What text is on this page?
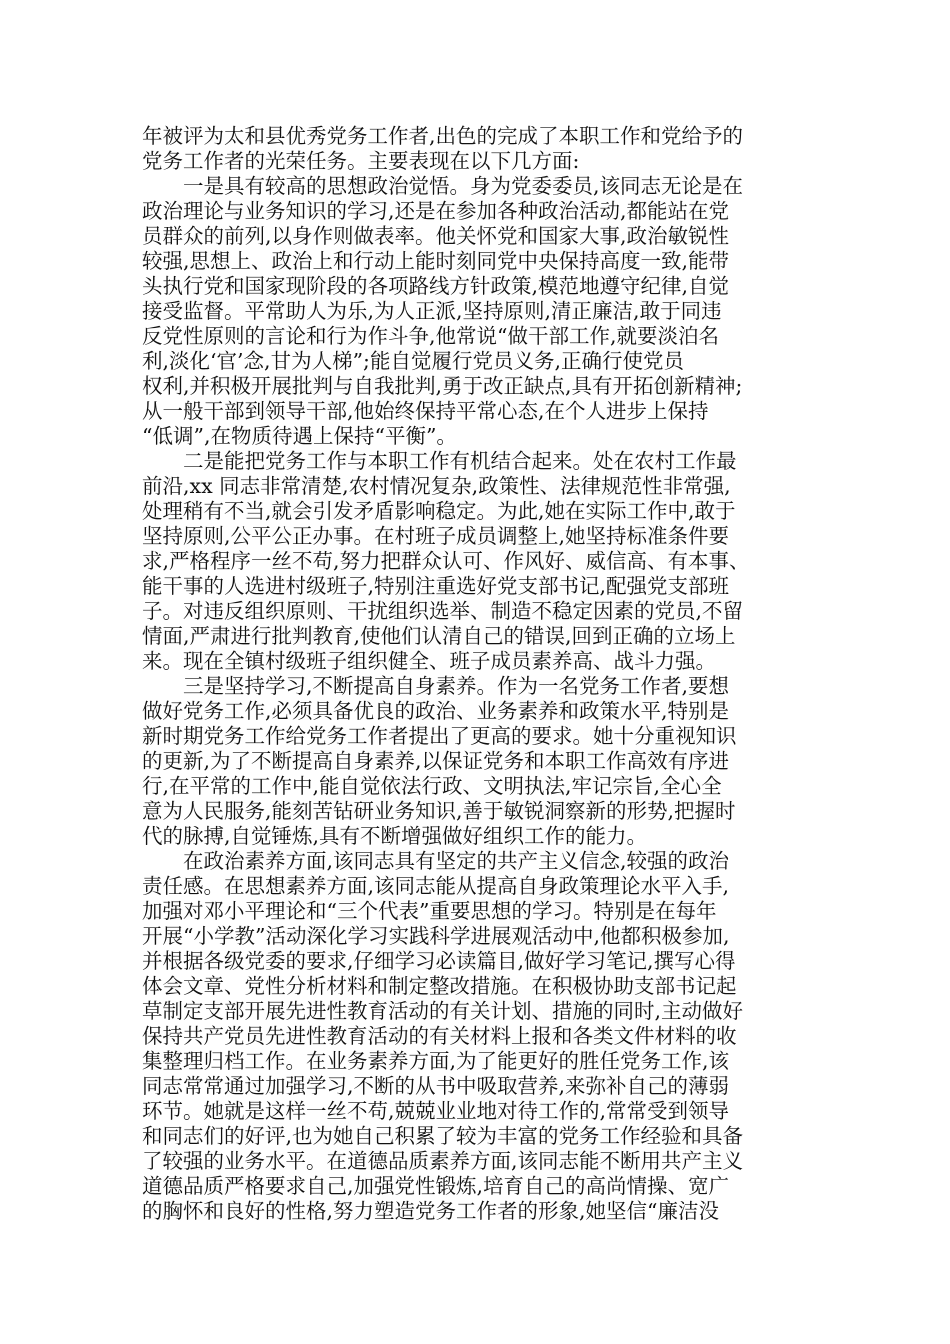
年被评为太和县优秀党务工作者,出色的完成了本职工作和党给予的
党务工作者的光荣任务。主要表现在以下几方面:
　　一是具有较高的思想政治觉悟。身为党委委员,该同志无论是在
政治理论与业务知识的学习,还是在参加各种政治活动,都能站在党
员群众的前列,以身作则做表率。他关怀党和国家大事,政治敏锐性
较强,思想上、政治上和行动上能时刻同党中央保持高度一致,能带
头执行党和国家现阶段的各项路线方针政策,模范地遵守纪律,自觉
接受监督。平常助人为乐,为人正派,坚持原则,清正廉洁,敢于同违
反党性原则的言论和行为作斗争,他常说“做干部工作,就要淡泊名
利,淡化‘官’念,甘为人梯”;能自觉履行党员义务,正确行使党员
权利,并积极开展批判与自我批判,勇于改正缺点,具有开拓创新精神;
从一般干部到领导干部,他始终保持平常心态,在个人进步上保持
“低调”,在物质待遇上保持“平衡”。
　　二是能把党务工作与本职工作有机结合起来。处在农村工作最
前沿,xx 同志非常清楚,农村情况复杂,政策性、法律规范性非常强,
处理稍有不当,就会引发矛盾影响稳定。为此,她在实际工作中,敢于
坚持原则,公平公正办事。在村班子成员调整上,她坚持标准条件要
求,严格程序一丝不苟,努力把群众认可、作风好、威信高、有本事、
能干事的人选进村级班子,特别注重选好党支部书记,配强党支部班
子。对违反组织原则、干扰组织选举、制造不稳定因素的党员,不留
情面,严肃进行批判教育,使他们认清自己的错误,回到正确的立场上
来。现在全镇村级班子组织健全、班子成员素养高、战斗力强。
　　三是坚持学习,不断提高自身素养。作为一名党务工作者,要想
做好党务工作,必须具备优良的政治、业务素养和政策水平,特别是
新时期党务工作给党务工作者提出了更高的要求。她十分重视知识
的更新,为了不断提高自身素养,以保证党务和本职工作高效有序进
行,在平常的工作中,能自觉依法行政、文明执法,牢记宗旨,全心全
意为人民服务,能刻苦钻研业务知识,善于敏锐洞察新的形势,把握时
代的脉搏,自觉锤炼,具有不断增强做好组织工作的能力。
　　在政治素养方面,该同志具有坚定的共产主义信念,较强的政治
责任感。在思想素养方面,该同志能从提高自身政策理论水平入手,
加强对邓小平理论和“三个代表”重要思想的学习。特别是在每年
开展“小学教”活动深化学习实践科学进展观活动中,他都积极参加,
并根据各级党委的要求,仔细学习必读篇目,做好学习笔记,撰写心得
体会文章、党性分析材料和制定整改措施。在积极协助支部书记起
草制定支部开展先进性教育活动的有关计划、措施的同时,主动做好
保持共产党员先进性教育活动的有关材料上报和各类文件材料的收
集整理归档工作。在业务素养方面,为了能更好的胜任党务工作,该
同志常常通过加强学习,不断的从书中吸取营养,来弥补自己的薄弱
环节。她就是这样一丝不苟,兢兢业业地对待工作的,常常受到领导
和同志们的好评,也为她自己积累了较为丰富的党务工作经验和具备
了较强的业务水平。在道德品质素养方面,该同志能不断用共产主义
道德品质严格要求自己,加强党性锻炼,培育自己的高尚情操、宽广
的胸怀和良好的性格,努力塑造党务工作者的形象,她坚信“廉洁没
